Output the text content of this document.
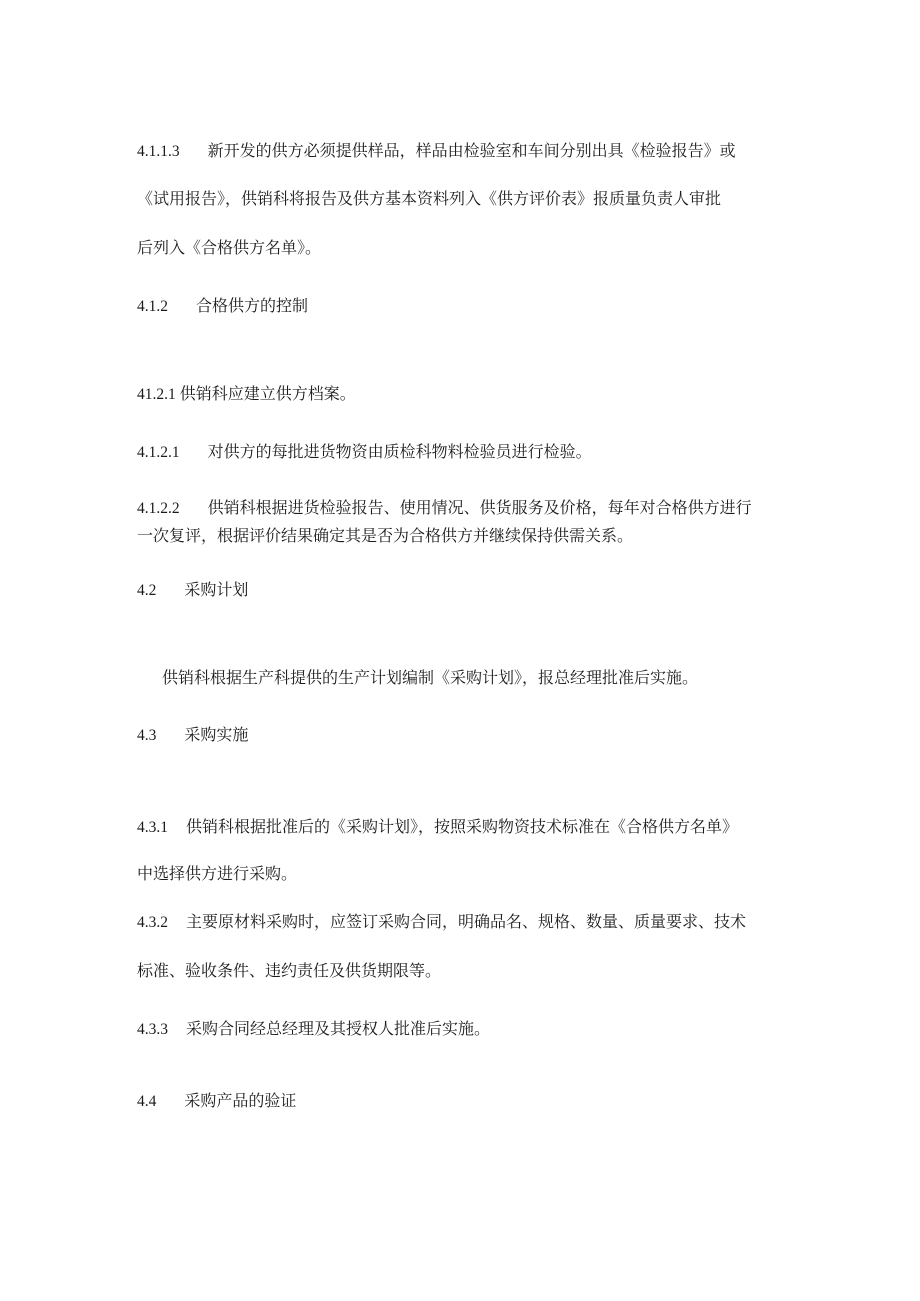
4.1.1.3 新开发的供方必须提供样品，样品由检验室和车间分别出具《检验报告》或

《试用报告》，供销科将报告及供方基本资料列入《供方评价表》报质量负责人审批

后列入《合格供方名单》。

4.1.2 合格供方的控制

41.2.1 供销科应建立供方档案。

4.1.2.1 对供方的每批进货物资由质检科物料检验员进行检验。

4.1.2.2 供销科根据进货检验报告、使用情况、供货服务及价格，每年对合格供方进行

一次复评，根据评价结果确定其是否为合格供方并继续保持供需关系。

4.2 采购计划

供销科根据生产科提供的生产计划编制《采购计划》，报总经理批准后实施。

4.3 采购实施

4.3.1 供销科根据批准后的《采购计划》，按照采购物资技术标准在《合格供方名单》

中选择供方进行采购。

4.3.2 主要原材料采购时，应签订采购合同，明确品名、规格、数量、质量要求、技术

标准、验收条件、违约责任及供货期限等。

4.3.3 采购合同经总经理及其授权人批准后实施。

4.4 采购产品的验证
